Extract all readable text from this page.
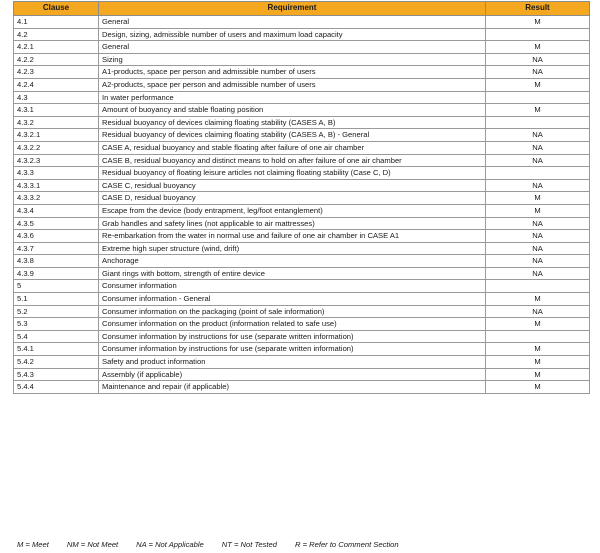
Clause	Requirement	Result
4.1	General	M
4.2	Design, sizing, admissible number of users and maximum load capacity	
4.2.1	General	M
4.2.2	Sizing	NA
4.2.3	A1-products, space per person and admissible number of users	NA
4.2.4	A2-products, space per person and admissible number of users	M
4.3	In water performance	
4.3.1	Amount of buoyancy and stable floating position	M
4.3.2	Residual buoyancy of devices claiming floating stability (CASES A, B)	
4.3.2.1	Residual buoyancy of devices claiming floating stability (CASES A, B) - General	NA
4.3.2.2	CASE A, residual buoyancy and stable floating after failure of one air chamber	NA
4.3.2.3	CASE B, residual buoyancy and distinct means to hold on after failure of one air chamber	NA
4.3.3	Residual buoyancy of floating leisure articles not claiming floating stability (Case C, D)	
4.3.3.1	CASE C, residual buoyancy	NA
4.3.3.2	CASE D, residual buoyancy	M
4.3.4	Escape from the device (body entrapment, leg/foot entanglement)	M
4.3.5	Grab handles and safety lines (not applicable to air mattresses)	NA
4.3.6	Re-embarkation from the water in normal use and failure of one air chamber in CASE A1	NA
4.3.7	Extreme high super structure (wind, drift)	NA
4.3.8	Anchorage	NA
4.3.9	Giant rings with bottom, strength of entire device	NA
5	Consumer information	
5.1	Consumer information - General	M
5.2	Consumer information on the packaging (point of sale information)	NA
5.3	Consumer information on the product (information related to safe use)	M
5.4	Consumer information by instructions for use (separate written information)	
5.4.1	Consumer information by instructions for use (separate written information)	M
5.4.2	Safety and product information	M
5.4.3	Assembly (if applicable)	M
5.4.4	Maintenance and repair (if applicable)	M
M = Meet NM = Not Meet NA = Not Applicable NT = Not Tested R = Refer to Comment Section
